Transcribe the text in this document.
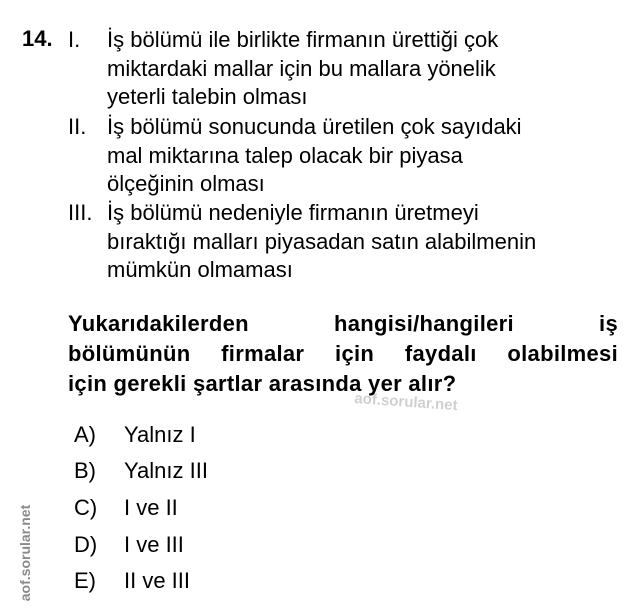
14. I. İş bölümü ile birlikte firmanın ürettiği çok
miktardaki mallar için bu mallara yönelik
yeterli talebin olması
II. İş bölümü sonucunda üretilen çok sayıdaki
mal miktarına talep olacak bir piyasa
ölçeğinin olması
III. İş bölümü nedeniyle firmanın üretmeyi
bıraktığı malları piyasadan satın alabilmenin
mümkün olmaması
Yukarıdakilerden hangisi/hangileri iş
bölümünün firmalar için faydalı olabilmesi
için gerekli şartlar arasında yer alır?
aof.sorular.net
A) Yalnız I
B) Yalnız III
C) I ve II
D) I ve III
E) II ve III
aof.sorular.net
